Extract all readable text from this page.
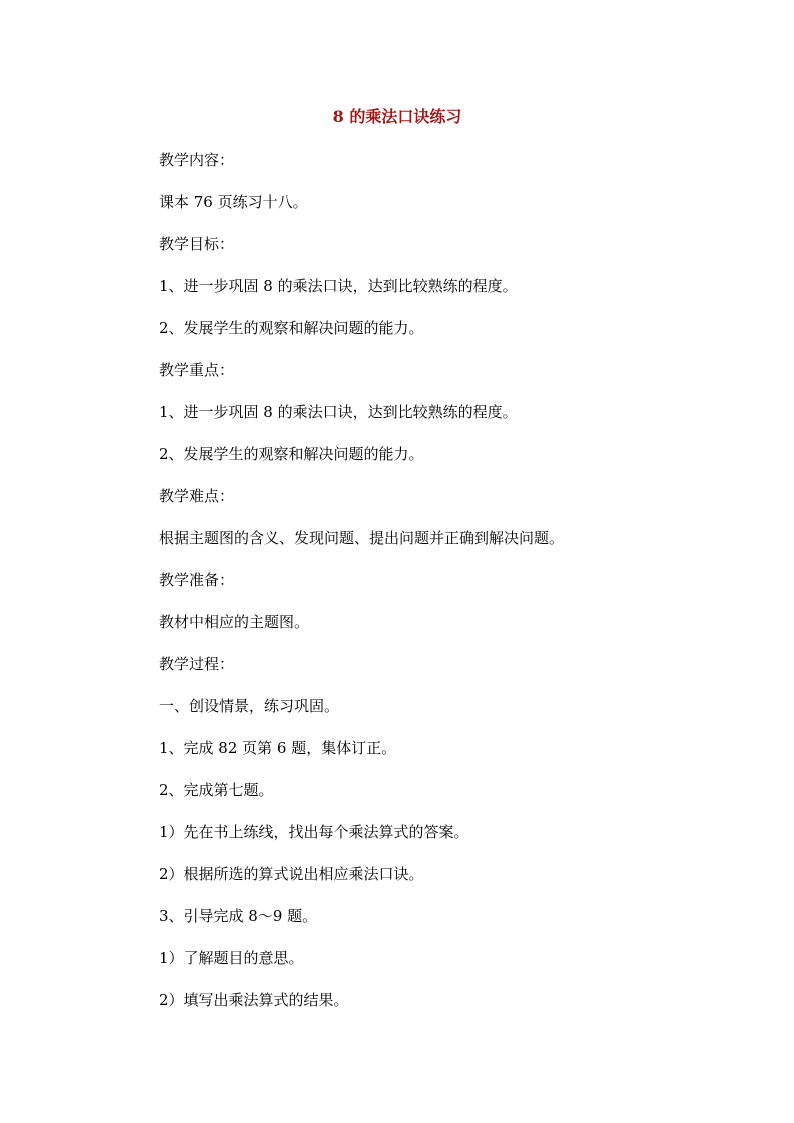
8 的乘法口诀练习
教学内容：
课本 76 页练习十八。
教学目标：
1、进一步巩固 8 的乘法口诀，达到比较熟练的程度。
2、发展学生的观察和解决问题的能力。
教学重点：
1、进一步巩固 8 的乘法口诀，达到比较熟练的程度。
2、发展学生的观察和解决问题的能力。
教学难点：
根据主题图的含义、发现问题、提出问题并正确到解决问题。
教学准备：
教材中相应的主题图。
教学过程：
一、创设情景，练习巩固。
1、完成 82 页第 6 题，集体订正。
2、完成第七题。
1）先在书上练线，找出每个乘法算式的答案。
2）根据所选的算式说出相应乘法口诀。
3、引导完成 8～9 题。
1）了解题目的意思。
2）填写出乘法算式的结果。
